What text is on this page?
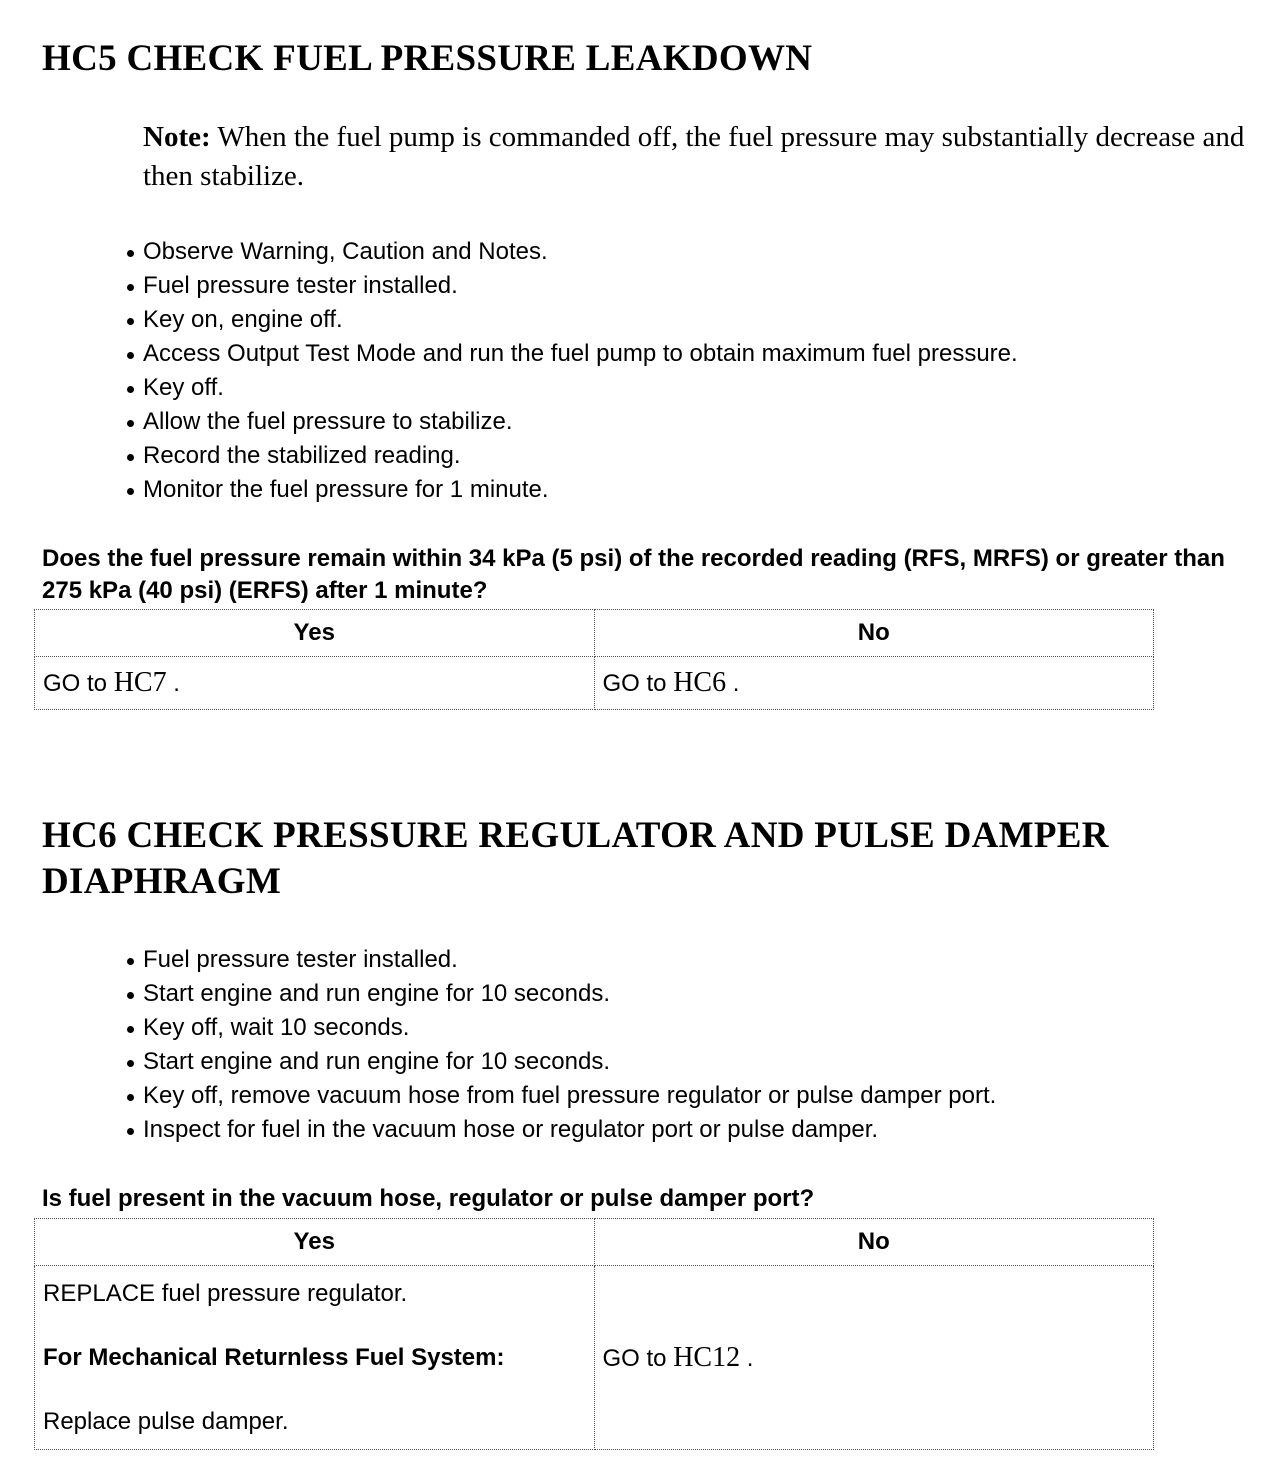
HC5 CHECK FUEL PRESSURE LEAKDOWN

Note: When the fuel pump is commanded off, the fuel pressure may substantially decrease and then stabilize.

Observe Warning, Caution and Notes.
Fuel pressure tester installed.
Key on, engine off.
Access Output Test Mode and run the fuel pump to obtain maximum fuel pressure.
Key off.
Allow the fuel pressure to stabilize.
Record the stabilized reading.
Monitor the fuel pressure for 1 minute.

Does the fuel pressure remain within 34 kPa (5 psi) of the recorded reading (RFS, MRFS) or greater than 275 kPa (40 psi) (ERFS) after 1 minute?

Yes	No
GO to HC7 .	GO to HC6 .
HC6 CHECK PRESSURE REGULATOR AND PULSE DAMPER
DIAPHRAGM
Fuel pressure tester installed.
Start engine and run engine for 10 seconds.
Key off, wait 10 seconds.
Start engine and run engine for 10 seconds.
Key off, remove vacuum hose from fuel pressure regulator or pulse damper port.
Inspect for fuel in the vacuum hose or regulator port or pulse damper.

Is fuel present in the vacuum hose, regulator or pulse damper port?

Yes	No

REPLACE fuel pressure regulator.

For Mechanical Returnless Fuel System:

Replace pulse damper.	GO to HC12 .
